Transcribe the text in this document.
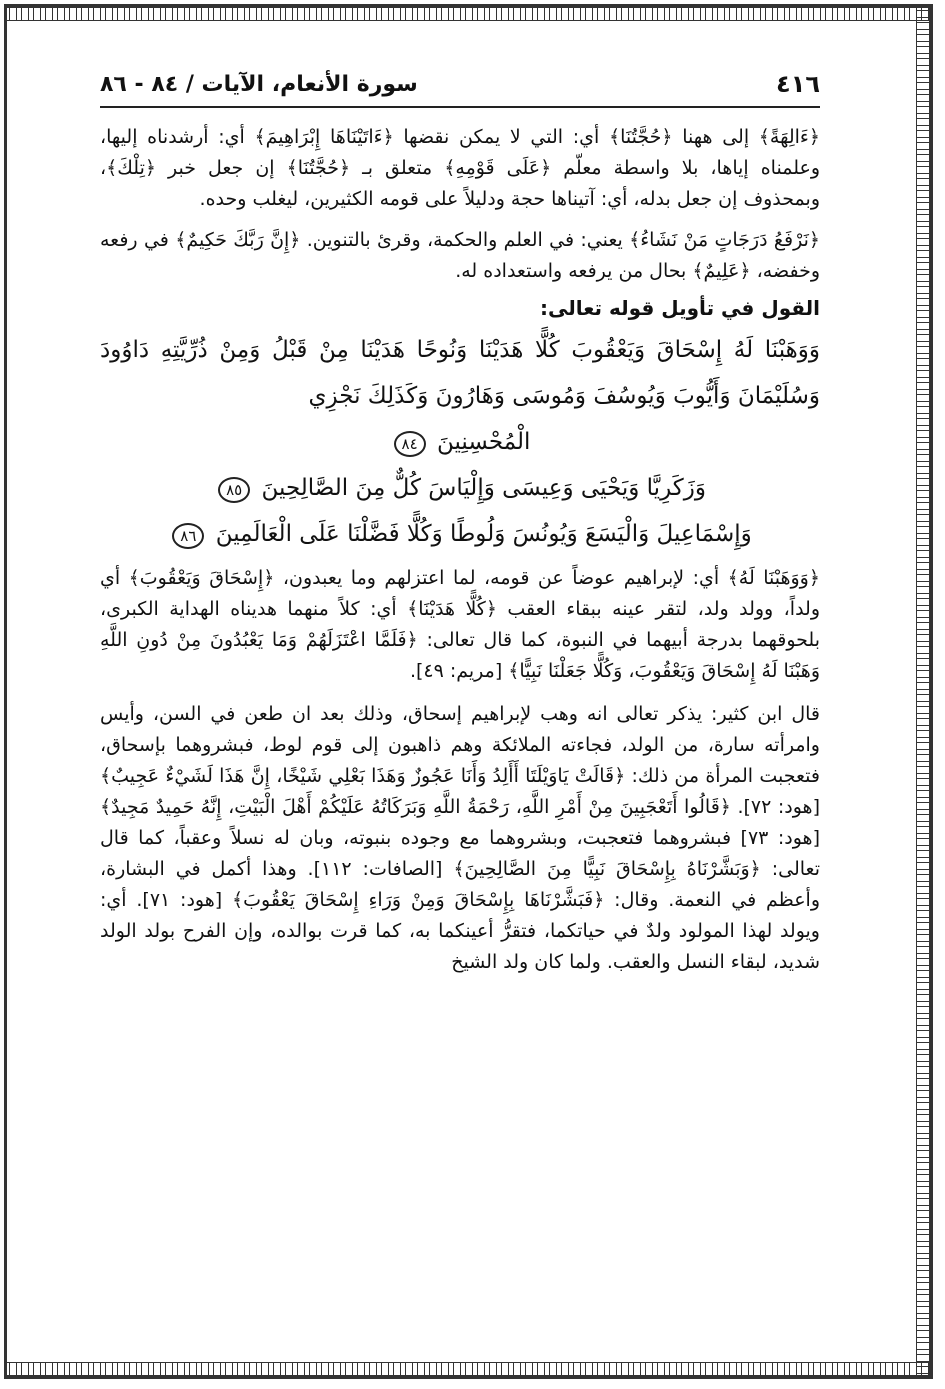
٤١٦
سورة الأنعام، الآيات / ٨٤ - ٨٦

﴿ءَالِهَةً﴾ إلى ههنا ﴿حُجَّتُنَا﴾ أي: التي لا يمكن نقضها ﴿ءَاتَيْنَاهَا إِبْرَاهِيمَ﴾ أي: أرشدناه إليها، وعلمناه إياها، بلا واسطة معلّم ﴿عَلَى قَوْمِهِ﴾ متعلق بـ ﴿حُجَّتُنَا﴾ إن جعل خبر ﴿تِلْكَ﴾، وبمحذوف إن جعل بدله، أي: آتيناها حجة ودليلاً على قومه الكثيرين، ليغلب وحده.

﴿نَرْفَعُ دَرَجَاتٍ مَنْ نَشَاءُ﴾ يعني: في العلم والحكمة، وقرئ بالتنوين. ﴿إِنَّ رَبَّكَ حَكِيمٌ﴾ في رفعه وخفضه، ﴿عَلِيمٌ﴾ بحال من يرفعه واستعداده له.

القول في تأويل قوله تعالى:
وَوَهَبْنَا لَهُ إِسْحَاقَ وَيَعْقُوبَ كُلًّا هَدَيْنَا وَنُوحًا هَدَيْنَا مِنْ قَبْلُ وَمِنْ ذُرِّيَّتِهِ دَاوُودَ وَسُلَيْمَانَ وَأَيُّوبَ وَيُوسُفَ وَمُوسَى وَهَارُونَ وَكَذَلِكَ نَجْزِي
الْمُحْسِنِينَ ٨٤
وَزَكَرِيَّا وَيَحْيَى وَعِيسَى وَإِلْيَاسَ كُلٌّ مِنَ الصَّالِحِينَ ٨٥
وَإِسْمَاعِيلَ وَالْيَسَعَ وَيُونُسَ وَلُوطًا وَكُلًّا فَضَّلْنَا عَلَى الْعَالَمِينَ ٨٦

﴿وَوَهَبْنَا لَهُ﴾ أي: لإبراهيم عوضاً عن قومه، لما اعتزلهم وما يعبدون، ﴿إِسْحَاقَ وَيَعْقُوبَ﴾ أي ولداً، وولد ولد، لتقر عينه ببقاء العقب ﴿كُلًّا هَدَيْنَا﴾ أي: كلاً منهما هديناه الهداية الكبرى، بلحوقهما بدرجة أبيهما في النبوة، كما قال تعالى: ﴿فَلَمَّا اعْتَزَلَهُمْ وَمَا يَعْبُدُونَ مِنْ دُونِ اللَّهِ وَهَبْنَا لَهُ إِسْحَاقَ وَيَعْقُوبَ، وَكُلًّا جَعَلْنَا نَبِيًّا﴾ [مريم: ٤٩].

قال ابن كثير: يذكر تعالى انه وهب لإبراهيم إسحاق، وذلك بعد ان طعن في السن، وأيس وامرأته سارة، من الولد، فجاءته الملائكة وهم ذاهبون إلى قوم لوط، فبشروهما بإسحاق، فتعجبت المرأة من ذلك: ﴿قَالَتْ يَاوَيْلَتَا أَأَلِدُ وَأَنَا عَجُوزٌ وَهَذَا بَعْلِي شَيْخًا، إِنَّ هَذَا لَشَيْءٌ عَجِيبٌ﴾ [هود: ٧٢]. ﴿قَالُوا أَتَعْجَبِينَ مِنْ أَمْرِ اللَّهِ، رَحْمَةُ اللَّهِ وَبَرَكَاتُهُ عَلَيْكُمْ أَهْلَ الْبَيْتِ، إِنَّهُ حَمِيدٌ مَجِيدٌ﴾ [هود: ٧٣] فبشروهما فتعجبت، وبشروهما مع وجوده بنبوته، وبان له نسلاً وعقباً، كما قال تعالى: ﴿وَبَشَّرْنَاهُ بِإِسْحَاقَ نَبِيًّا مِنَ الصَّالِحِينَ﴾ [الصافات: ١١٢]. وهذا أكمل في البشارة، وأعظم في النعمة. وقال: ﴿فَبَشَّرْنَاهَا بِإِسْحَاقَ وَمِنْ وَرَاءِ إِسْحَاقَ يَعْقُوبَ﴾ [هود: ٧١]. أي: ويولد لهذا المولود ولدٌ في حياتكما، فتقرُّ أعينكما به، كما قرت بوالده، وإن الفرح بولد الولد شديد، لبقاء النسل والعقب. ولما كان ولد الشيخ
